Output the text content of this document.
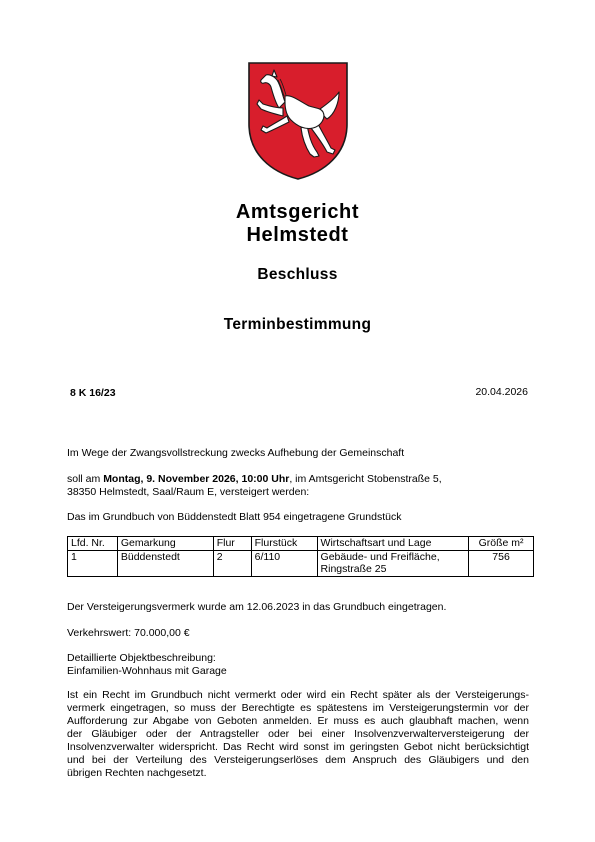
Amtsgericht
Helmstedt
Beschluss
Terminbestimmung
8 K 16/23	20.04.2026
Im Wege der Zwangsvollstreckung zwecks Aufhebung der Gemeinschaft
soll am Montag, 9. November 2026, 10:00 Uhr, im Amtsgericht Stobenstraße 5,
38350 Helmstedt, Saal/Raum E, versteigert werden:
Das im Grundbuch von Büddenstedt Blatt 954 eingetragene Grundstück
Lfd. Nr.	Gemarkung	Flur	Flurstück	Wirtschaftsart und Lage	Größe m²
1	Büddenstedt	2	6/110	Gebäude- und Freifläche, Ringstraße 25	756
Der Versteigerungsvermerk wurde am 12.06.2023 in das Grundbuch eingetragen.
Verkehrswert: 70.000,00 €
Detaillierte Objektbeschreibung:
Einfamilien-Wohnhaus mit Garage
Ist ein Recht im Grundbuch nicht vermerkt oder wird ein Recht später als der Versteigerungs-
vermerk eingetragen, so muss der Berechtigte es spätestens im Versteigerungstermin vor der
Aufforderung zur Abgabe von Geboten anmelden. Er muss es auch glaubhaft machen, wenn
der Gläubiger oder der Antragsteller oder bei einer Insolvenzverwalterversteigerung der
Insolvenzverwalter widerspricht. Das Recht wird sonst im geringsten Gebot nicht berücksichtigt
und bei der Verteilung des Versteigerungserlöses dem Anspruch des Gläubigers und den
übrigen Rechten nachgesetzt.
